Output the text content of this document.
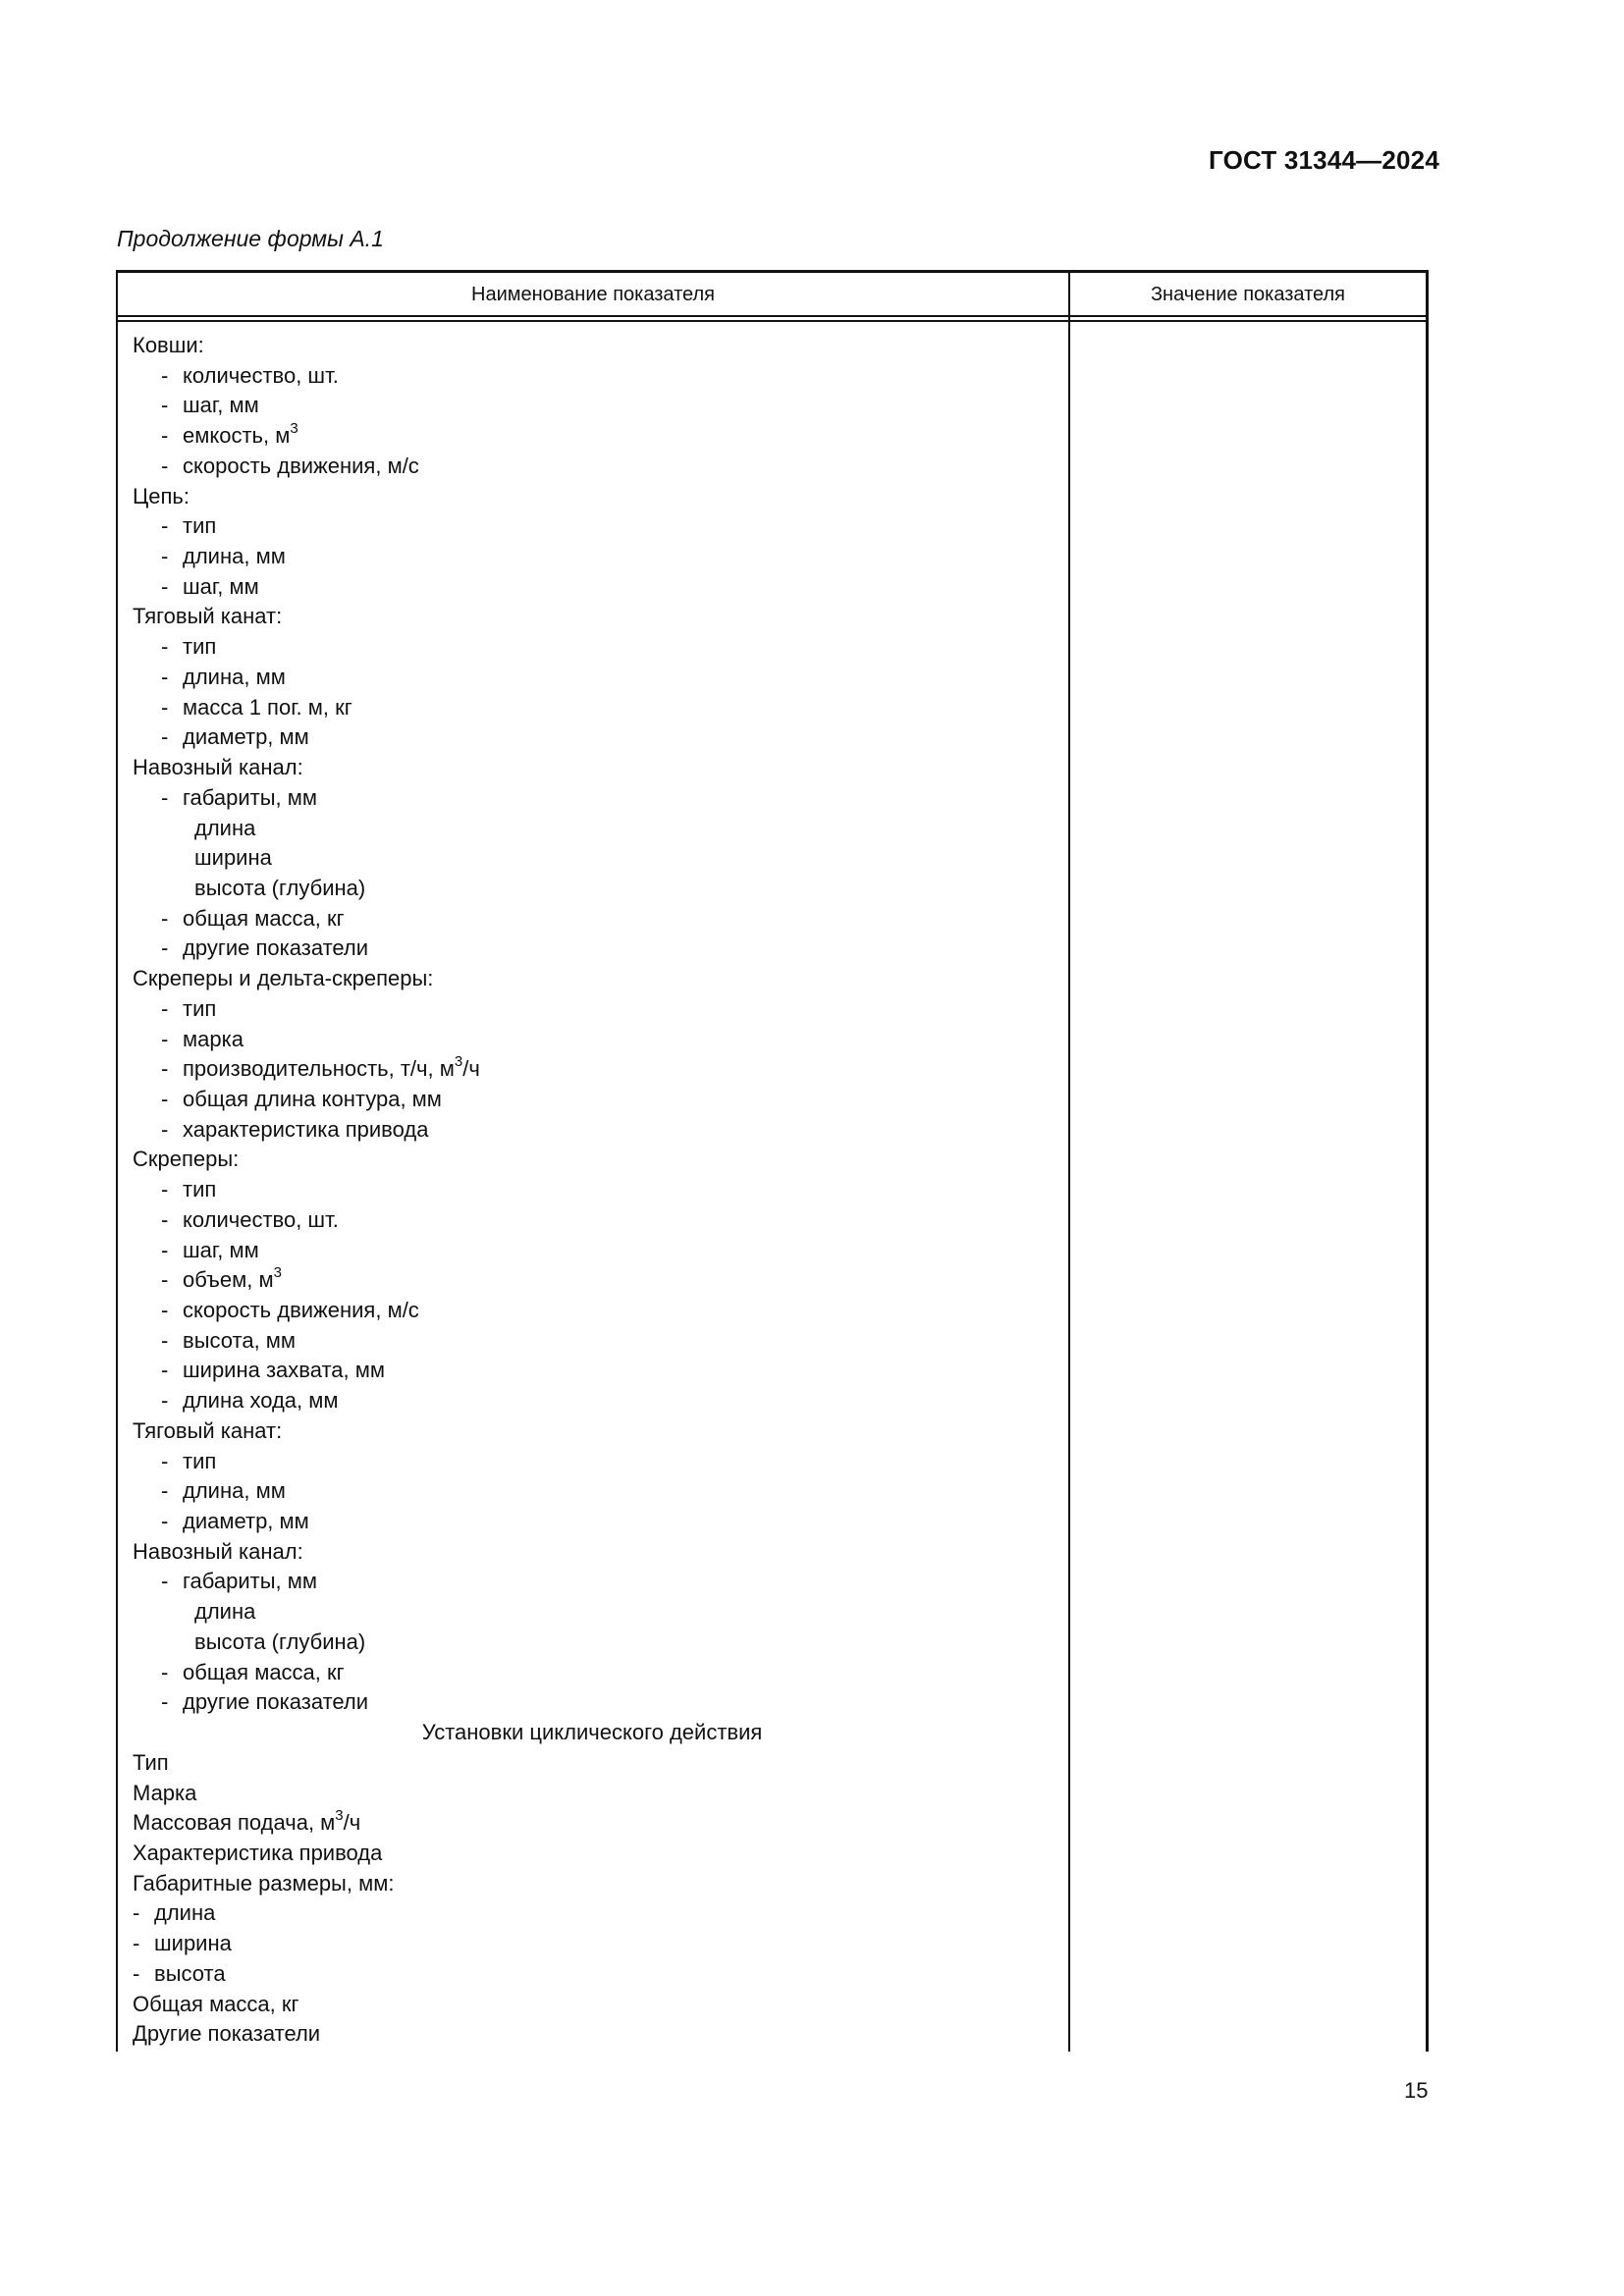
ГОСТ 31344—2024
Продолжение формы А.1
Наименование показателя	Значение показателя
Ковши:
- количество, шт.
- шаг, мм
- емкость, $м^3$
- скорость движения, м/с
Цепь:
- тип
- длина, мм
- шаг, мм
Тяговый канат:
- тип
- длина, мм
- масса 1 пог. м, кг
- диаметр, мм
Навозный канал:
- габариты, мм
длина
ширина
высота (глубина)
- общая масса, кг
- другие показатели
Скреперы и дельта-скреперы:
- тип
- марка
- производительность, т/ч, $м^3/ч$
- общая длина контура, мм
- характеристика привода
Скреперы:
- тип
- количество, шт.
- шаг, мм
- объем, $м^3$
- скорость движения, м/с
- высота, мм
- ширина захвата, мм
- длина хода, мм
Тяговый канат:
- тип
- длина, мм
- диаметр, мм
Навозный канал:
- габариты, мм
длина
высота (глубина)
- общая масса, кг
- другие показатели
Установки циклического действия
Тип
Марка
Массовая подача, $м^3/ч$
Характеристика привода
Габаритные размеры, мм:
- длина
- ширина
- высота
Общая масса, кг
Другие показатели
15
